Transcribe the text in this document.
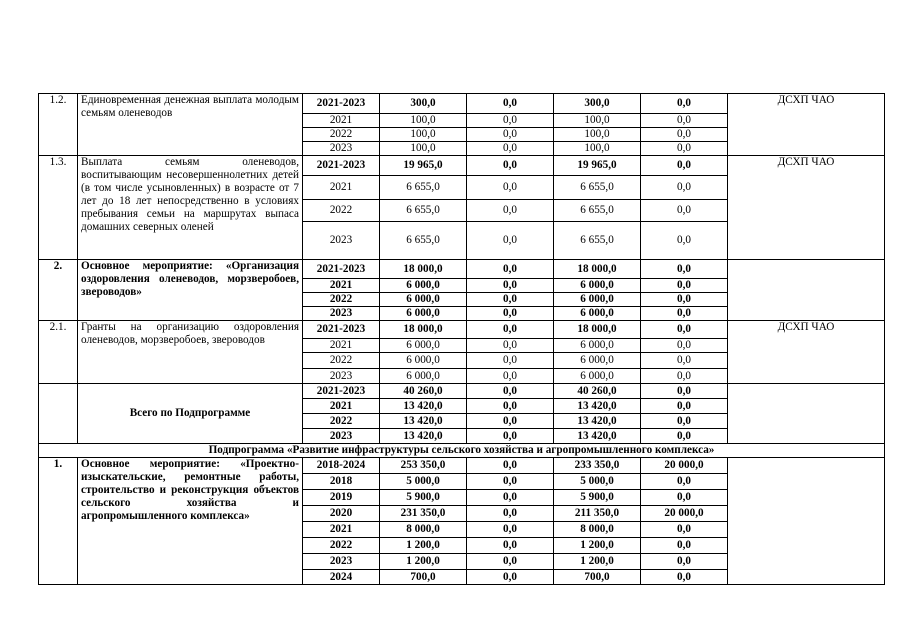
1.2.	Единовременная денежная выплата молодым семьям оленеводов	2021-2023	300,0	0,0	300,0	0,0	ДСХП ЧАО
		2021	100,0	0,0	100,0	0,0	
		2022	100,0	0,0	100,0	0,0	
		2023	100,0	0,0	100,0	0,0	
1.3.	Выплата семьям оленеводов, воспитывающим несовершеннолетних детей (в том числе усыновленных) в возрасте от 7 лет до 18 лет непосредственно в условиях пребывания семьи на маршрутах выпаса домашних северных оленей	2021-2023	19 965,0	0,0	19 965,0	0,0	ДСХП ЧАО
		2021	6 655,0	0,0	6 655,0	0,0	
		2022	6 655,0	0,0	6 655,0	0,0	
		2023	6 655,0	0,0	6 655,0	0,0	
2.	Основное мероприятие: «Организация оздоровления оленеводов, морзверобоев, звероводов»	2021-2023	18 000,0	0,0	18 000,0	0,0	
		2021	6 000,0	0,0	6 000,0	0,0	
		2022	6 000,0	0,0	6 000,0	0,0	
		2023	6 000,0	0,0	6 000,0	0,0	
2.1.	Гранты на организацию оздоровления оленеводов, морзверобоев, звероводов	2021-2023	18 000,0	0,0	18 000,0	0,0	ДСХП ЧАО
		2021	6 000,0	0,0	6 000,0	0,0	
		2022	6 000,0	0,0	6 000,0	0,0	
		2023	6 000,0	0,0	6 000,0	0,0	
	Всего по Подпрограмме	2021-2023	40 260,0	0,0	40 260,0	0,0	
		2021	13 420,0	0,0	13 420,0	0,0	
		2022	13 420,0	0,0	13 420,0	0,0	
		2023	13 420,0	0,0	13 420,0	0,0	
Подпрограмма «Развитие инфраструктуры сельского хозяйства и агропромышленного комплекса»							
1.	Основное мероприятие: «Проектно-изыскательские, ремонтные работы, строительство и реконструкция объектов сельского хозяйства и агропромышленного комплекса»	2018-2024	253 350,0	0,0	233 350,0	20 000,0	
		2018	5 000,0	0,0	5 000,0	0,0	
		2019	5 900,0	0,0	5 900,0	0,0	
		2020	231 350,0	0,0	211 350,0	20 000,0	
		2021	8 000,0	0,0	8 000,0	0,0	
		2022	1 200,0	0,0	1 200,0	0,0	
		2023	1 200,0	0,0	1 200,0	0,0	
		2024	700,0	0,0	700,0	0,0	
